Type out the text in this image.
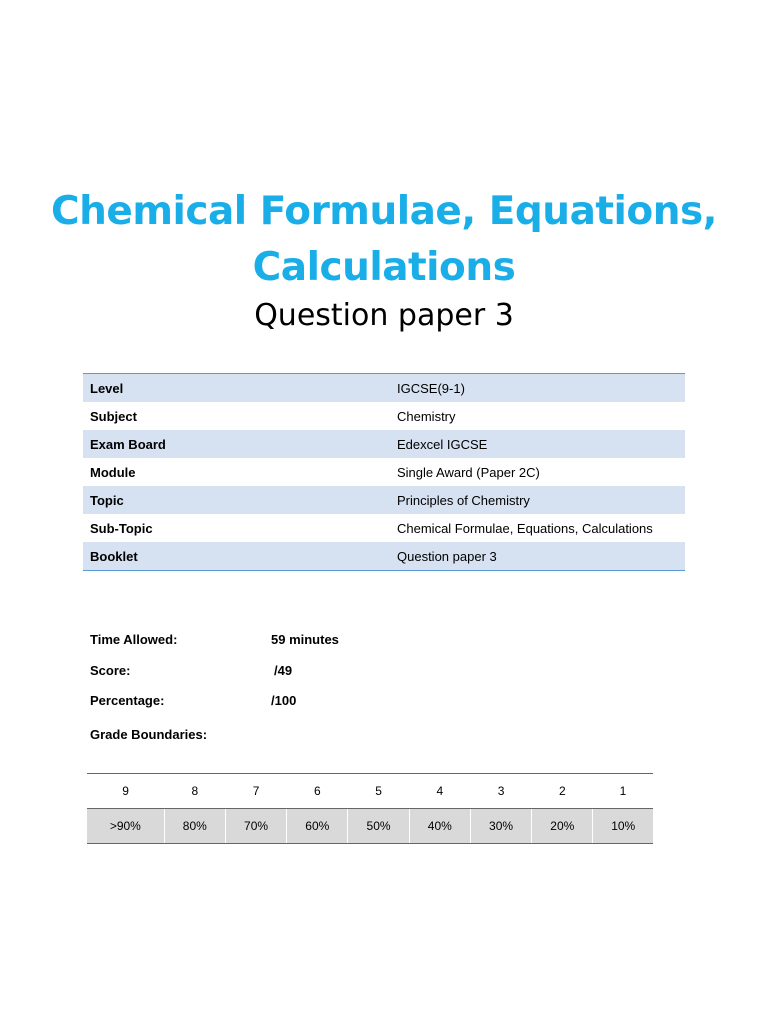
Chemical Formulae, Equations,
Calculations
Question paper 3
Level	IGCSE(9-1)
Subject	Chemistry
Exam Board	Edexcel IGCSE
Module	Single Award (Paper 2C)
Topic	Principles of Chemistry
Sub-Topic	Chemical Formulae, Equations, Calculations
Booklet	Question paper 3
Time Allowed:	59 minutes
Score:	/49
Percentage:	/100
Grade Boundaries:
9	8	7	6	5	4	3	2	1
>90%	80%	70%	60%	50%	40%	30%	20%	10%
